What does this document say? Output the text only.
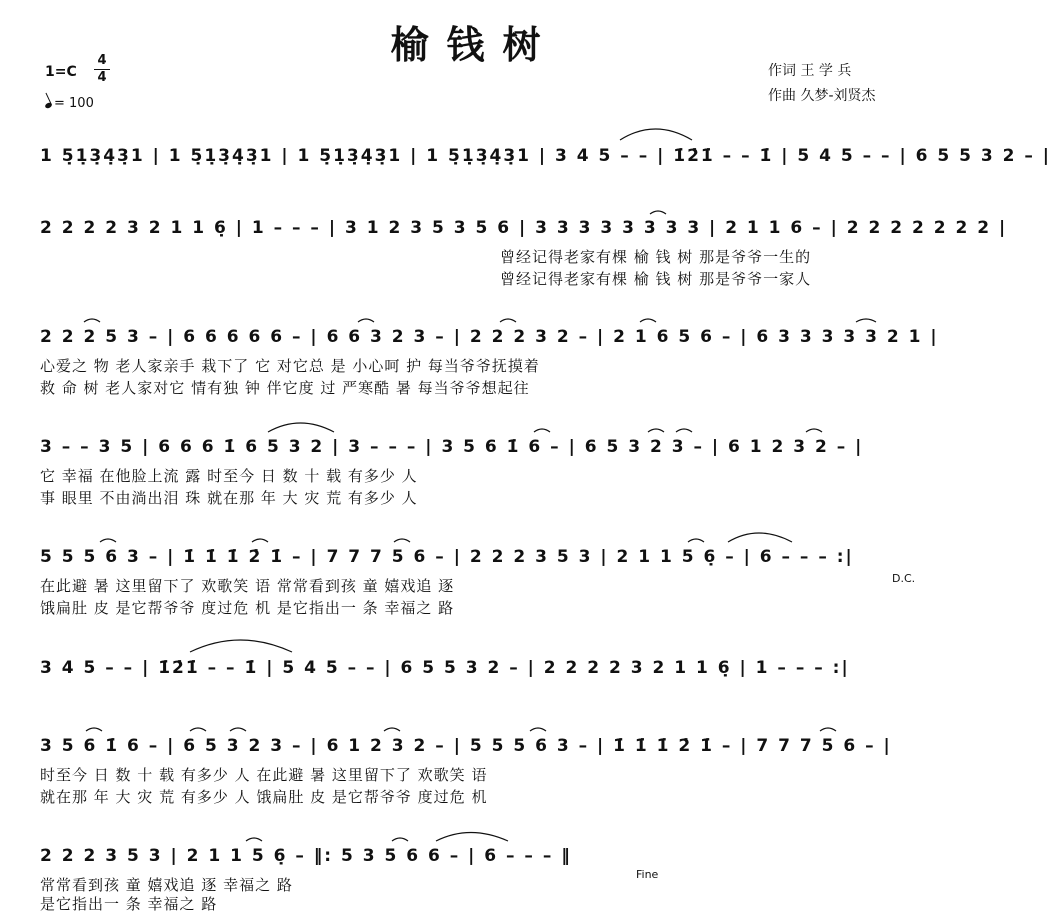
榆钱树
1=C
4
4
= 100
作词 王 学 兵
作曲 久梦-刘贤杰
1 5̣1̣3̣4̣3̣1 | 1 5̣1̣3̣4̣3̣1 | 1 5̣1̣3̣4̣3̣1 | 1 5̣1̣3̣4̣3̣1 | 3 4 5 – – | 1̇2̇1̇ – – 1̇ | 5 4 5 – – | 6 5 5 3 2 – |
2 2 2 2 3 2 1 1 6̣ | 1 – – – | 3 1 2 3 5 3 5 6 | 3 3 3 3 3 3 3 3 | 2 1 1 6 – | 2 2 2 2 2 2 2 |
曾经记得老家有棵 榆 钱 树 那是爷爷一生的
曾经记得老家有棵 榆 钱 树 那是爷爷一家人
2 2 2 5 3 – | 6 6 6 6 6 – | 6 6 3 2 3 – | 2 2 2 3 2 – | 2 1 6 5 6 – | 6 3 3 3 3 3 2 1 |
心爱之 物 老人家亲手 栽下了 它 对它总 是 小心呵 护 每当爷爷抚摸着
救 命 树 老人家对它 情有独 钟 伴它度 过 严寒酷 暑 每当爷爷想起往
3 – – 3 5 | 6 6 6 1̇ 6 5 3 2 | 3 – – – | 3 5 6 1̇ 6 – | 6 5 3 2 3 – | 6 1 2 3 2 – |
它 幸福 在他脸上流 露 时至今 日 数 十 载 有多少 人
事 眼里 不由淌出泪 珠 就在那 年 大 灾 荒 有多少 人
5 5 5 6 3 – | 1̇ 1̇ 1̇ 2̇ 1̇ – | 7 7 7 5 6 – | 2 2 2 3 5 3 | 2 1 1 5 6̣ – | 6 – – – :|
在此避 暑 这里留下了 欢歌笑 语 常常看到孩 童 嬉戏追 逐
饿扁肚 皮 是它帮爷爷 度过危 机 是它指出一 条 幸福之 路
D.C.
3 4 5 – – | 1̇2̇1̇ – – 1̇ | 5 4 5 – – | 6 5 5 3 2 – | 2 2 2 2 3 2 1 1 6̣ | 1 – – – :|
3 5 6 1̇ 6 – | 6 5 3 2 3 – | 6 1 2 3 2 – | 5 5 5 6 3 – | 1̇ 1̇ 1̇ 2̇ 1̇ – | 7 7 7 5 6 – |
时至今 日 数 十 载 有多少 人 在此避 暑 这里留下了 欢歌笑 语
就在那 年 大 灾 荒 有多少 人 饿扁肚 皮 是它帮爷爷 度过危 机
2 2 2 3 5 3 | 2 1 1 5 6̣ – ‖: 5 3 5 6 6 – | 6 – – – ‖
常常看到孩 童 嬉戏追 逐 幸福之 路
是它指出一 条 幸福之 路
Fine
